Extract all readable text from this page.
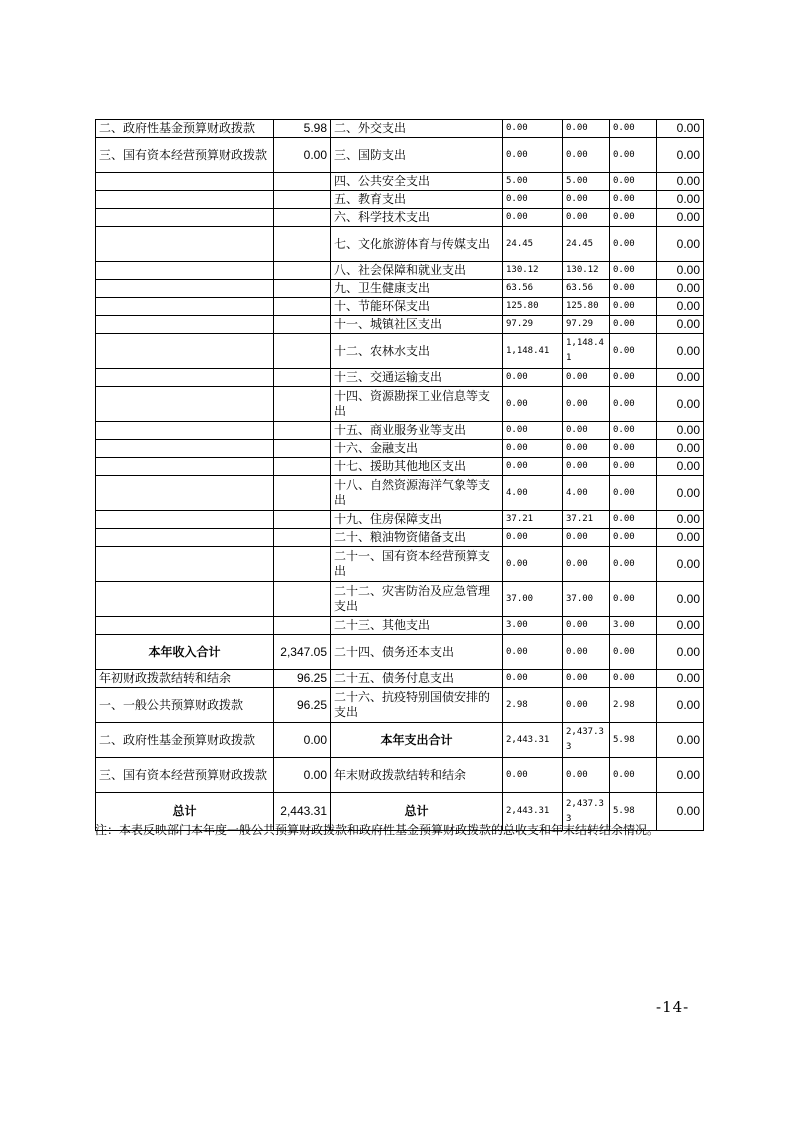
二、政府性基金预算财政拨款	5.98	二、外交支出	0.00	0.00	0.00	0.00
三、国有资本经营预算财政拨款	0.00	三、国防支出	0.00	0.00	0.00	0.00
		四、公共安全支出	5.00	5.00	0.00	0.00
		五、教育支出	0.00	0.00	0.00	0.00
		六、科学技术支出	0.00	0.00	0.00	0.00
		七、文化旅游体育与传媒支出	24.45	24.45	0.00	0.00
		八、社会保障和就业支出	130.12	130.12	0.00	0.00
		九、卫生健康支出	63.56	63.56	0.00	0.00
		十、节能环保支出	125.80	125.80	0.00	0.00
		十一、城镇社区支出	97.29	97.29	0.00	0.00
		十二、农林水支出	1,148.41	1,148.41	0.00	0.00
		十三、交通运输支出	0.00	0.00	0.00	0.00
		十四、资源勘探工业信息等支出	0.00	0.00	0.00	0.00
		十五、商业服务业等支出	0.00	0.00	0.00	0.00
		十六、金融支出	0.00	0.00	0.00	0.00
		十七、援助其他地区支出	0.00	0.00	0.00	0.00
		十八、自然资源海洋气象等支出	4.00	4.00	0.00	0.00
		十九、住房保障支出	37.21	37.21	0.00	0.00
		二十、粮油物资储备支出	0.00	0.00	0.00	0.00
		二十一、国有资本经营预算支出	0.00	0.00	0.00	0.00
		二十二、灾害防治及应急管理支出	37.00	37.00	0.00	0.00
		二十三、其他支出	3.00	0.00	3.00	0.00
本年收入合计	2,347.05	二十四、债务还本支出	0.00	0.00	0.00	0.00
年初财政拨款结转和结余	96.25	二十五、债务付息支出	0.00	0.00	0.00	0.00
一、一般公共预算财政拨款	96.25	二十六、抗疫特别国债安排的支出	2.98	0.00	2.98	0.00
二、政府性基金预算财政拨款	0.00	本年支出合计	2,443.31	2,437.33	5.98	0.00
三、国有资本经营预算财政拨款	0.00	年末财政拨款结转和结余	0.00	0.00	0.00	0.00
总计	2,443.31	总计	2,443.31	2,437.33	5.98	0.00
注：本表反映部门本年度一般公共预算财政拨款和政府性基金预算财政拨款的总收支和年末结转结余情况。
-14-
